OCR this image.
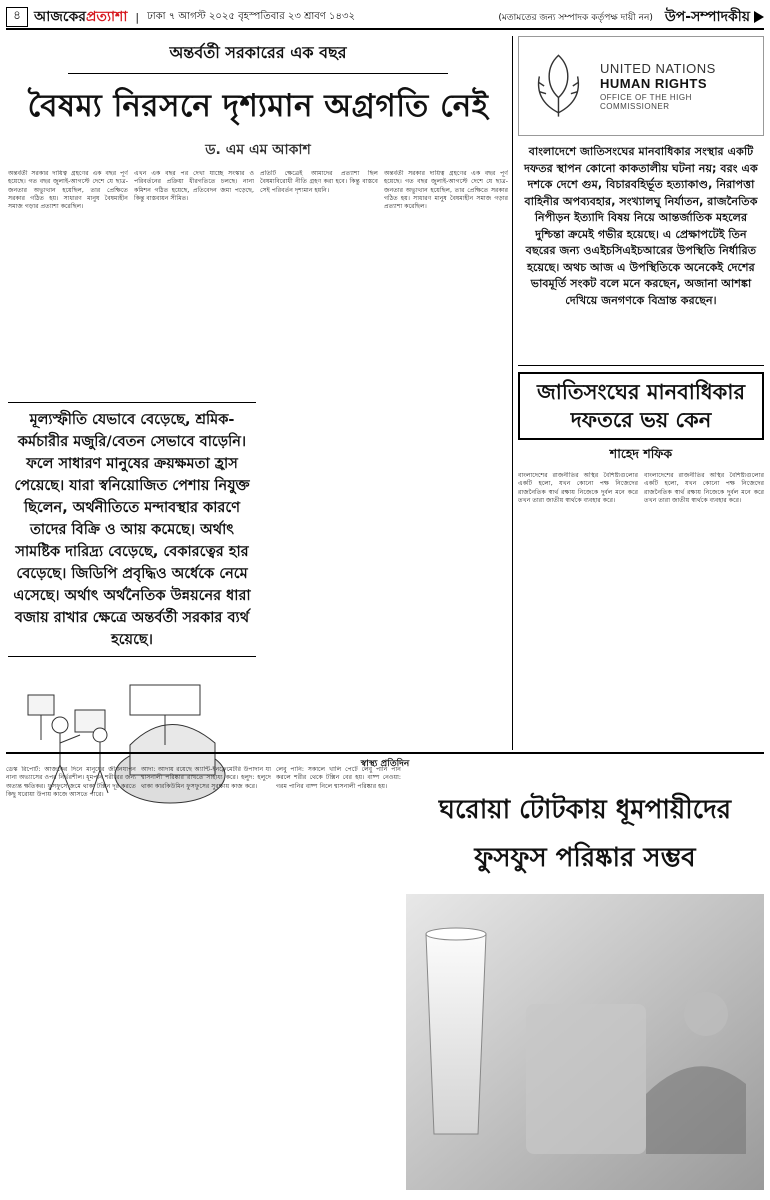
৪ আজকেরপ্রত্যাশা | ঢাকা ৭ আগস্ট ২০২৫ বৃহস্পতিবার ২৩ শ্রাবণ ১৪৩২	(মতামতের জন্য সম্পাদক কর্তৃপক্ষ দায়ী নন) উপ-সম্পাদকীয়
অন্তর্বর্তী সরকারের এক বছর
বৈষম্য নিরসনে দৃশ্যমান অগ্রগতি নেই
ড. এম এম আকাশ
অন্তর্বর্তী সরকার দায়িত্ব গ্রহণের এক বছর পূর্ণ হয়েছে। গত বছর জুলাই-আগস্টে দেশে যে ছাত্র-জনতার অভ্যুত্থান হয়েছিল, তার প্রেক্ষিতে সরকার গঠিত হয়। সাধারণ মানুষ বৈষম্যহীন সমাজ গড়ার প্রত্যাশা করেছিল।
এখন এক বছর পর দেখা যাচ্ছে সংস্কার ও পরিবর্তনের প্রক্রিয়া ধীরগতিতে চলছে। নানা কমিশন গঠিত হয়েছে, প্রতিবেদন জমা পড়েছে, কিন্তু বাস্তবায়ন সীমিত।
প্রতিটি ক্ষেত্রেই আমাদের প্রত্যাশা ছিল বৈষম্যবিরোধী নীতি গ্রহণ করা হবে। কিন্তু বাস্তবে সেই পরিবর্তন দৃশ্যমান হয়নি।
অন্তর্বর্তী সরকার দায়িত্ব গ্রহণের এক বছর পূর্ণ হয়েছে। গত বছর জুলাই-আগস্টে দেশে যে ছাত্র-জনতার অভ্যুত্থান হয়েছিল, তার প্রেক্ষিতে সরকার গঠিত হয়। সাধারণ মানুষ বৈষম্যহীন সমাজ গড়ার প্রত্যাশা করেছিল।
মূল্যস্ফীতি যেভাবে বেড়েছে, শ্রমিক-কর্মচারীর মজুরি/বেতন সেভাবে বাড়েনি। ফলে সাধারণ মানুষের ক্রয়ক্ষমতা হ্রাস পেয়েছে। যারা স্বনিয়োজিত পেশায় নিযুক্ত ছিলেন, অর্থনীতিতে মন্দাবস্থার কারণে তাদের বিক্রি ও আয় কমেছে। অর্থাৎ সামষ্টিক দারিদ্র্য বেড়েছে, বেকারত্বের হার বেড়েছে। জিডিপি প্রবৃদ্ধিও অর্ধেকে নেমে এসেছে। অর্থাৎ অর্থনৈতিক উন্নয়নের ধারা বজায় রাখার ক্ষেত্রে অন্তর্বর্তী সরকার ব্যর্থ হয়েছে।
UNITED NATIONS
HUMAN RIGHTS
OFFICE OF THE HIGH COMMISSIONER
বাংলাদেশে জাতিসংঘের মানবাধিকার সংস্থার একটি দফতর স্থাপন কোনো কাকতালীয় ঘটনা নয়; বরং এক দশকে দেশে গুম, বিচারবহির্ভূত হত্যাকাণ্ড, নিরাপত্তা বাহিনীর অপব্যবহার, সংখ্যালঘু নির্যাতন, রাজনৈতিক নিপীড়ন ইত্যাদি বিষয় নিয়ে আন্তর্জাতিক মহলের দুশ্চিন্তা ক্রমেই গভীর হয়েছে। এ প্রেক্ষাপটেই তিন বছরের জন্য ওএইচসিএইচআরের উপস্থিতি নির্ধারিত হয়েছে। অথচ আজ এ উপস্থিতিকে অনেকেই দেশের ভাবমূর্তি সংকট বলে মনে করছেন, অজানা আশঙ্কা দেখিয়ে জনগণকে বিভ্রান্ত করছেন।
জাতিসংঘের মানবাধিকার দফতরে ভয় কেন
শাহেদ শফিক
বাংলাদেশের রাজনীতির অস্থির বৈশিষ্ট্যগুলোর একটি হলো, যখন কোনো পক্ষ নিজেদের রাজনৈতিক স্বার্থ রক্ষায় নিজেকে দুর্বল মনে করে তখন তারা জাতীয় স্বার্থকে ব্যবহার করে।
বাংলাদেশের রাজনীতির অস্থির বৈশিষ্ট্যগুলোর একটি হলো, যখন কোনো পক্ষ নিজেদের রাজনৈতিক স্বার্থ রক্ষায় নিজেকে দুর্বল মনে করে তখন তারা জাতীয় স্বার্থকে ব্যবহার করে।
স্বাস্থ্য প্রতিদিন
ডেস্ক রিপোর্ট: আজকের দিনে মানুষের জীবনযাপন নানা অভ্যাসের ওপর নির্ভরশীল। ধূমপান শরীরের জন্য অত্যন্ত ক্ষতিকর। ফুসফুসে জমে থাকা টক্সিন দূর করতে কিছু ঘরোয়া উপায় কাজে আসতে পারে।
আদা: আদায় রয়েছে অ্যান্টি-ইনফ্লেমেটরি উপাদান যা শ্বাসনালী পরিষ্কার রাখতে সাহায্য করে। হলুদ: হলুদে থাকা কারকিউমিন ফুসফুসের সুরক্ষায় কাজ করে।
লেবু পানি: সকালে খালি পেটে লেবু পানি পান করলে শরীর থেকে টক্সিন বের হয়। বাষ্প নেওয়া: গরম পানির বাষ্প নিলে শ্বাসনালী পরিষ্কার হয়।
ঘরোয়া টোটকায় ধূমপায়ীদের ফুসফুস পরিষ্কার সম্ভব
